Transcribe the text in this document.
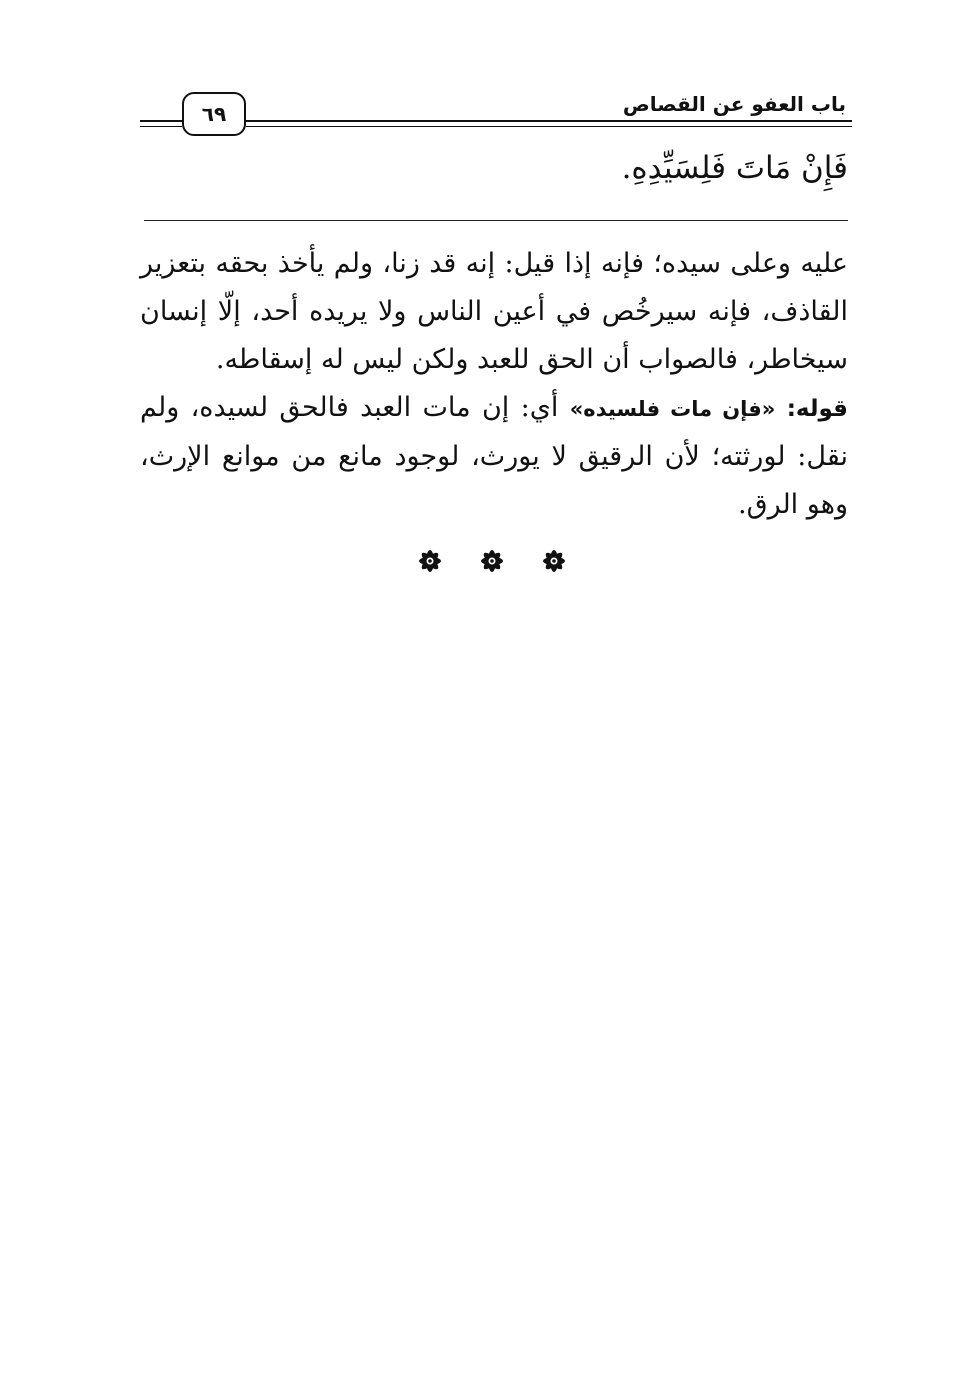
٦٩	باب العفو عن القصاص
فَإِنْ مَاتَ فَلِسَيِّدِهِ.

عليه وعلى سيده؛ فإنه إذا قيل: إنه قد زنا، ولم يأخذ بحقه بتعزير القاذف، فإنه سيرخُص في أعين الناس ولا يريده أحد، إلّا إنسان سيخاطر، فالصواب أن الحق للعبد ولكن ليس له إسقاطه.

قوله: «فإن مات فلسيده» أي: إن مات العبد فالحق لسيده، ولم نقل: لورثته؛ لأن الرقيق لا يورث، لوجود مانع من موانع الإرث، وهو الرق.
